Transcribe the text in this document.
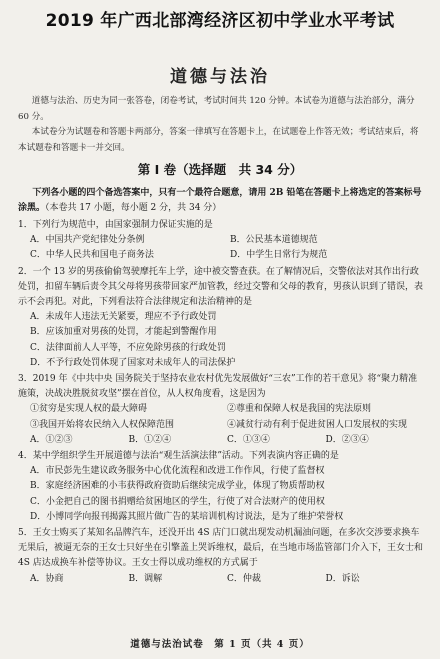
2019 年广西北部湾经济区初中学业水平考试
道德与法治

道德与法治、历史为同一张答卷，闭卷考试，考试时间共 120 分钟。本试卷为道德与法治部分，满分 60 分。

本试卷分为试题卷和答题卡两部分，答案一律填写在答题卡上，在试题卷上作答无效；考试结束后，将本试题卷和答题卡一并交回。

第 I 卷（选择题　共 34 分）
下列各小题的四个备选答案中，只有一个最符合题意，请用 2B 铅笔在答题卡上将选定的答案标号涂黑。（本卷共 17 小题，每小题 2 分，共 34 分）

1．下列行为规范中，由国家强制力保证实施的是

A．中国共产党纪律处分条例	B．公民基本道德规范
C．中华人民共和国电子商务法	D．中学生日常行为规范

2．一个 13 岁的男孩偷偷驾驶摩托车上学，途中被交警查获。在了解情况后，交警依法对其作出行政处罚，扣留车辆后责令其父母将男孩带回家严加管教，经过交警和父母的教育，男孩认识到了错误，表示不会再犯。对此，下列看法符合法律规定和法治精神的是

A．未成年人违法无关紧要，理应不予行政处罚
B．应该加重对男孩的处罚，才能起到警醒作用
C．法律面前人人平等，不应免除男孩的行政处罚
D．不予行政处罚体现了国家对未成年人的司法保护

3．2019 年《中共中央 国务院关于坚持农业农村优先发展做好“三农”工作的若干意见》将“聚力精准施策，决战决胜脱贫攻坚”摆在首位，从人权角度看，这是因为

①贫穷是实现人权的最大障碍	②尊重和保障人权是我国的宪法原则
③我国开始将农民纳入人权保障范围	④减贫行动有利于促进贫困人口发展权的实现
A．①②③	B．①②④	C．①③④	D．②③④

4．某中学组织学生开展道德与法治“观生活演法律”活动。下列表演内容正确的是

A．市民彭先生建议政务服务中心优化流程和改进工作作风，行使了监督权
B．家庭经济困难的小韦获得政府资助后继续完成学业，体现了物质帮助权
C．小金把自己的图书捐赠给贫困地区的学生，行使了对合法财产的使用权
D．小博同学向报刊揭露其照片做广告的某培训机构讨说法，是为了维护荣誉权

5．王女士购买了某知名品牌汽车，还没开出 4S 店门口就出现发动机漏油问题，在多次交涉要求换车无果后，被逼无奈的王女士只好坐在引擎盖上哭诉维权，最后，在当地市场监管部门介入下，王女士和 4S 店达成换车补偿等协议。王女士得以成功维权的方式属于

A．协商	B．调解	C．仲裁	D．诉讼
道德与法治试卷　第 1 页（共 4 页）
